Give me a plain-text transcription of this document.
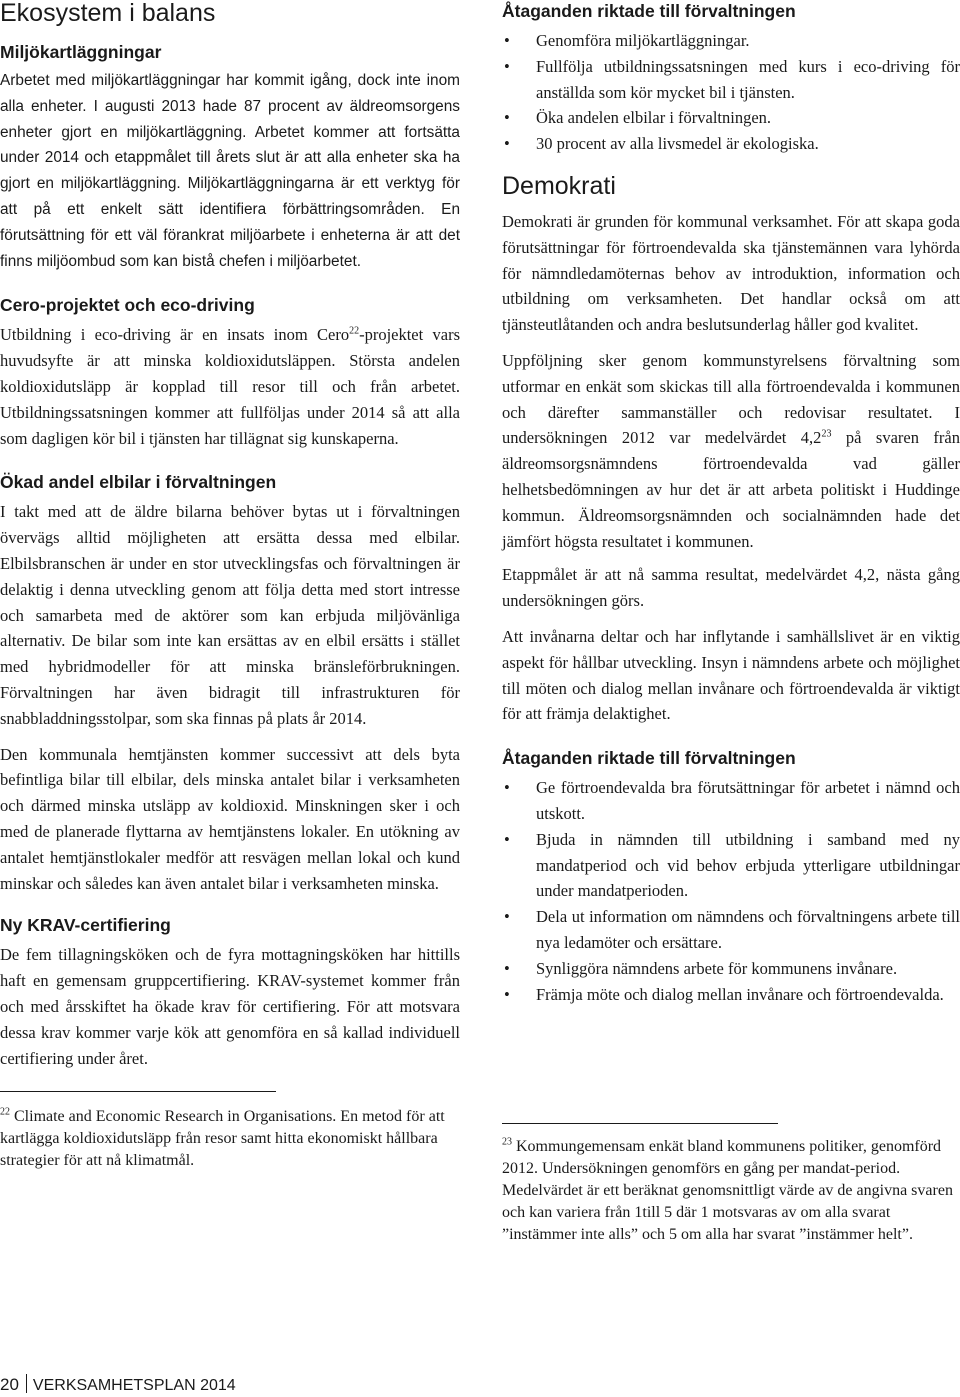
Ekosystem i balans
Miljökartläggningar

Arbetet med miljökartläggningar har kommit igång, dock inte inom alla enheter. I augusti 2013 hade 87 procent av äldreomsorgens enheter gjort en miljökartläggning. Arbetet kommer att fortsätta under 2014 och etappmålet till årets slut är att alla enheter ska ha gjort en miljökartläggning. Miljökartläggningarna är ett verktyg för att på ett enkelt sätt identifiera förbättringsområden. En förutsättning för ett väl förankrat miljöarbete i enheterna är att det finns miljöombud som kan bistå chefen i miljöarbetet.

Cero-projektet och eco-driving

Utbildning i eco-driving är en insats inom Cero$^{22}$-projektet vars huvudsyfte är att minska koldioxidutsläppen. Största andelen koldioxidutsläpp är kopplad till resor till och från arbetet. Utbildningssatsningen kommer att fullföljas under 2014 så att alla som dagligen kör bil i tjänsten har tillägnat sig kunskaperna.

Ökad andel elbilar i förvaltningen

I takt med att de äldre bilarna behöver bytas ut i förvaltningen övervägs alltid möjligheten att ersätta dessa med elbilar. Elbilsbranschen är under en stor utvecklingsfas och förvaltningen är delaktig i denna utveckling genom att följa detta med stort intresse och samarbeta med de aktörer som kan erbjuda miljövänliga alternativ. De bilar som inte kan ersättas av en elbil ersätts i stället med hybridmodeller för att minska bränsleförbrukningen. Förvaltningen har även bidragit till infrastrukturen för snabbladdningsstolpar, som ska finnas på plats år 2014.

Den kommunala hemtjänsten kommer successivt att dels byta befintliga bilar till elbilar, dels minska antalet bilar i verksamheten och därmed minska utsläpp av koldioxid. Minskningen sker i och med de planerade flyttarna av hemtjänstens lokaler. En utökning av antalet hemtjänstlokaler medför att resvägen mellan lokal och kund minskar och således kan även antalet bilar i verksamheten minska.

Ny KRAV-certifiering

De fem tillagningsköken och de fyra mottagningsköken har hittills haft en gemensam gruppcertifiering. KRAV-systemet kommer från och med årsskiftet ha ökade krav för certifiering. För att motsvara dessa krav kommer varje kök att genomföra en så kallad individuell certifiering under året.

$^{22}$ Climate and Economic Research in Organisations. En metod för att kartlägga koldioxidutsläpp från resor samt hitta ekonomiskt hållbara strategier för att nå klimatmål.

Åtaganden riktade till förvaltningen
• Genomföra miljökartläggningar.
• Fullfölja utbildningssatsningen med kurs i eco-driving för anställda som kör mycket bil i tjänsten.
• Öka andelen elbilar i förvaltningen.
• 30 procent av alla livsmedel är ekologiska.
Demokrati

Demokrati är grunden för kommunal verksamhet. För att skapa goda förutsättningar för förtroendevalda ska tjänstemännen vara lyhörda för nämndledamöternas behov av introduktion, information och utbildning om verksamheten. Det handlar också om att tjänsteutlåtanden och andra beslutsunderlag håller god kvalitet.

Uppföljning sker genom kommunstyrelsens förvaltning som utformar en enkät som skickas till alla förtroendevalda i kommunen och därefter sammanställer och redovisar resultatet. I undersökningen 2012 var medelvärdet $4,2^{23}$ på svaren från äldreomsorgsnämndens förtroendevalda vad gäller helhetsbedömningen av hur det är att arbeta politiskt i Huddinge kommun. Äldreomsorgsnämnden och socialnämnden hade det jämfört högsta resultatet i kommunen.

Etappmålet är att nå samma resultat, medelvärdet 4,2, nästa gång undersökningen görs.

Att invånarna deltar och har inflytande i samhällslivet är en viktig aspekt för hållbar utveckling. Insyn i nämndens arbete och möjlighet till möten och dialog mellan invånare och förtroendevalda är viktigt för att främja delaktighet.

Åtaganden riktade till förvaltningen
• Ge förtroendevalda bra förutsättningar för arbetet i nämnd och utskott.
• Bjuda in nämnden till utbildning i samband med ny mandatperiod och vid behov erbjuda ytterligare utbildningar under mandatperioden.
• Dela ut information om nämndens och förvaltningens arbete till nya ledamöter och ersättare.
• Synliggöra nämndens arbete för kommunens invånare.
• Främja möte och dialog mellan invånare och förtroendevalda.

$^{23}$ Kommungemensam enkät bland kommunens politiker, genomförd 2012. Undersökningen genomförs en gång per mandat-period. Medelvärdet är ett beräknat genomsnittligt värde av de angivna svaren och kan variera från 1till 5 där 1 motsvaras av om alla svarat ”instämmer inte alls” och 5 om alla har svarat ”instämmer helt”.

20 VERKSAMHETSPLAN 2014
